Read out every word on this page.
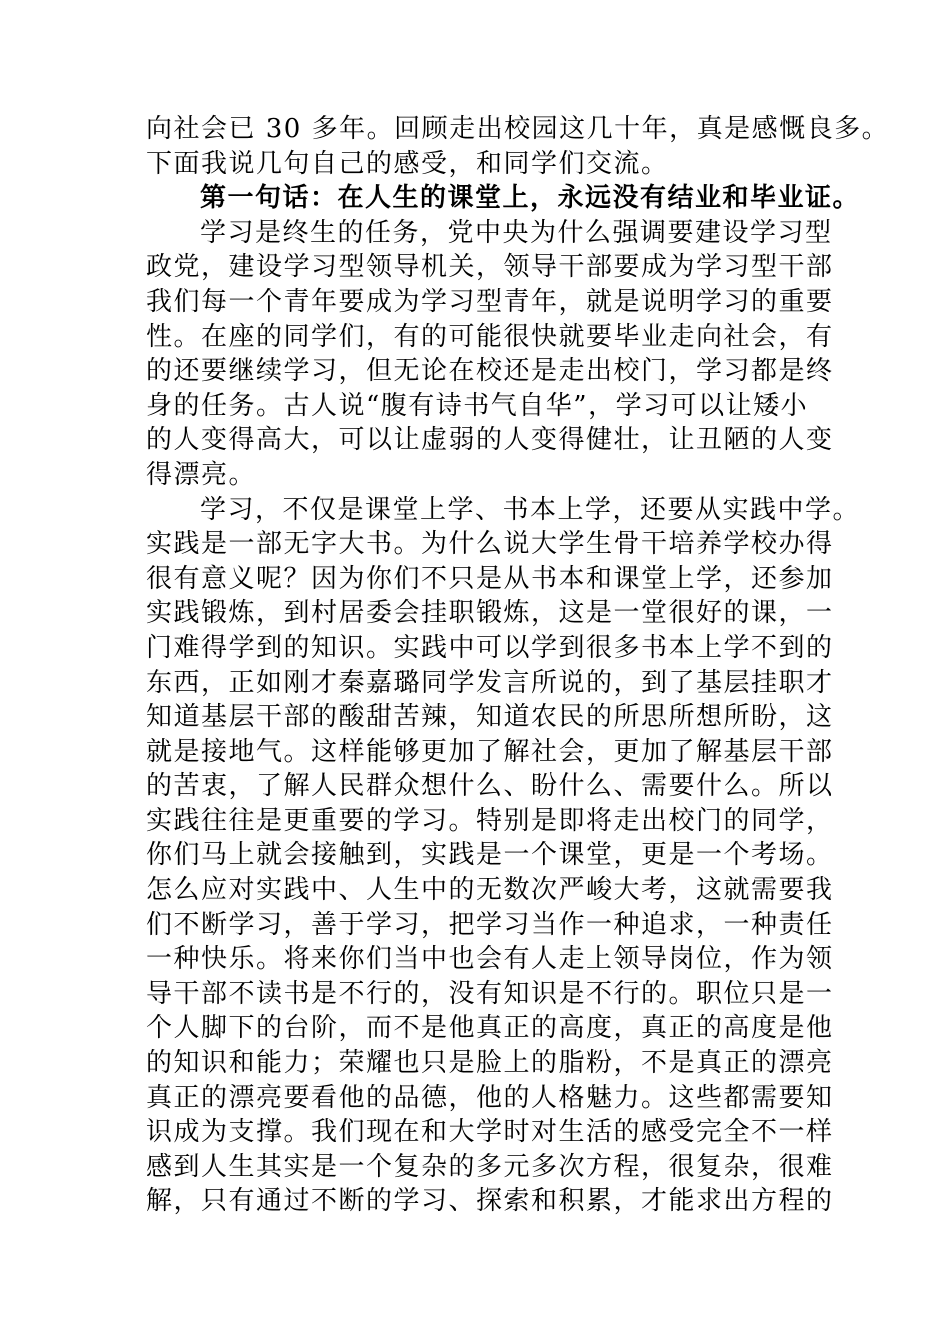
向社会已 30 多年。回顾走出校园这几十年，真是感慨良多。
下面我说几句自己的感受，和同学们交流。
第一句话：在人生的课堂上，永远没有结业和毕业证。
学习是终生的任务，党中央为什么强调要建设学习型
政党，建设学习型领导机关，领导干部要成为学习型干部
我们每一个青年要成为学习型青年，就是说明学习的重要
性。在座的同学们，有的可能很快就要毕业走向社会，有
的还要继续学习，但无论在校还是走出校门，学习都是终
身的任务。古人说“腹有诗书气自华”，学习可以让矮小
的人变得高大，可以让虚弱的人变得健壮，让丑陋的人变
得漂亮。
学习，不仅是课堂上学、书本上学，还要从实践中学。
实践是一部无字大书。为什么说大学生骨干培养学校办得
很有意义呢？因为你们不只是从书本和课堂上学，还参加
实践锻炼，到村居委会挂职锻炼，这是一堂很好的课，一
门难得学到的知识。实践中可以学到很多书本上学不到的
东西，正如刚才秦嘉璐同学发言所说的，到了基层挂职才
知道基层干部的酸甜苦辣，知道农民的所思所想所盼，这
就是接地气。这样能够更加了解社会，更加了解基层干部
的苦衷，了解人民群众想什么、盼什么、需要什么。所以
实践往往是更重要的学习。特别是即将走出校门的同学，
你们马上就会接触到，实践是一个课堂，更是一个考场。
怎么应对实践中、人生中的无数次严峻大考，这就需要我
们不断学习，善于学习，把学习当作一种追求，一种责任
一种快乐。将来你们当中也会有人走上领导岗位，作为领
导干部不读书是不行的，没有知识是不行的。职位只是一
个人脚下的台阶，而不是他真正的高度，真正的高度是他
的知识和能力；荣耀也只是脸上的脂粉，不是真正的漂亮
真正的漂亮要看他的品德，他的人格魅力。这些都需要知
识成为支撑。我们现在和大学时对生活的感受完全不一样
感到人生其实是一个复杂的多元多次方程，很复杂，很难
解，只有通过不断的学习、探索和积累，才能求出方程的
